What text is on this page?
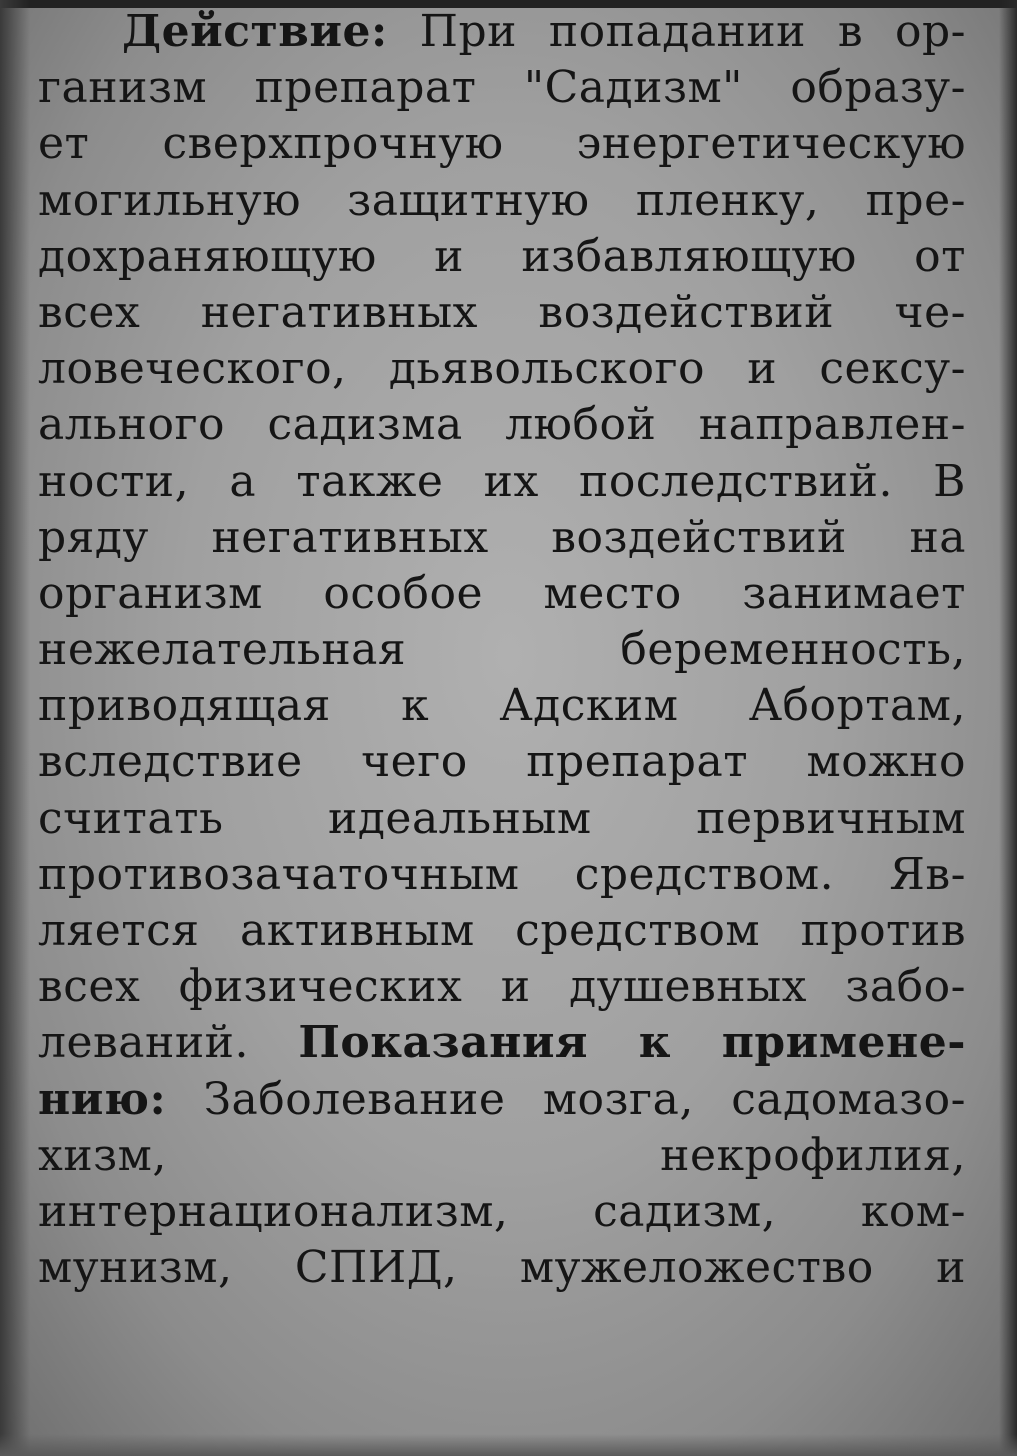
Действие: При попадании в ор-
ганизм препарат "Садизм" образу-
ет сверхпрочную энергетическую
могильную защитную пленку, пре-
дохраняющую и избавляющую от
всех негативных воздействий че-
ловеческого, дьявольского и сексу-
ального садизма любой направлен-
ности, а также их последствий. В
ряду негативных воздействий на
организм особое место занимает
нежелательная беременность,
приводящая к Адским Абортам,
вследствие чего препарат можно
считать идеальным первичным
противозачаточным средством. Яв-
ляется активным средством против
всех физических и душевных забо-
леваний. Показания к примене-
нию: Заболевание мозга, садомазо-
хизм, некрофилия,
интернационализм, садизм, ком-
мунизм, СПИД, мужеложество и
